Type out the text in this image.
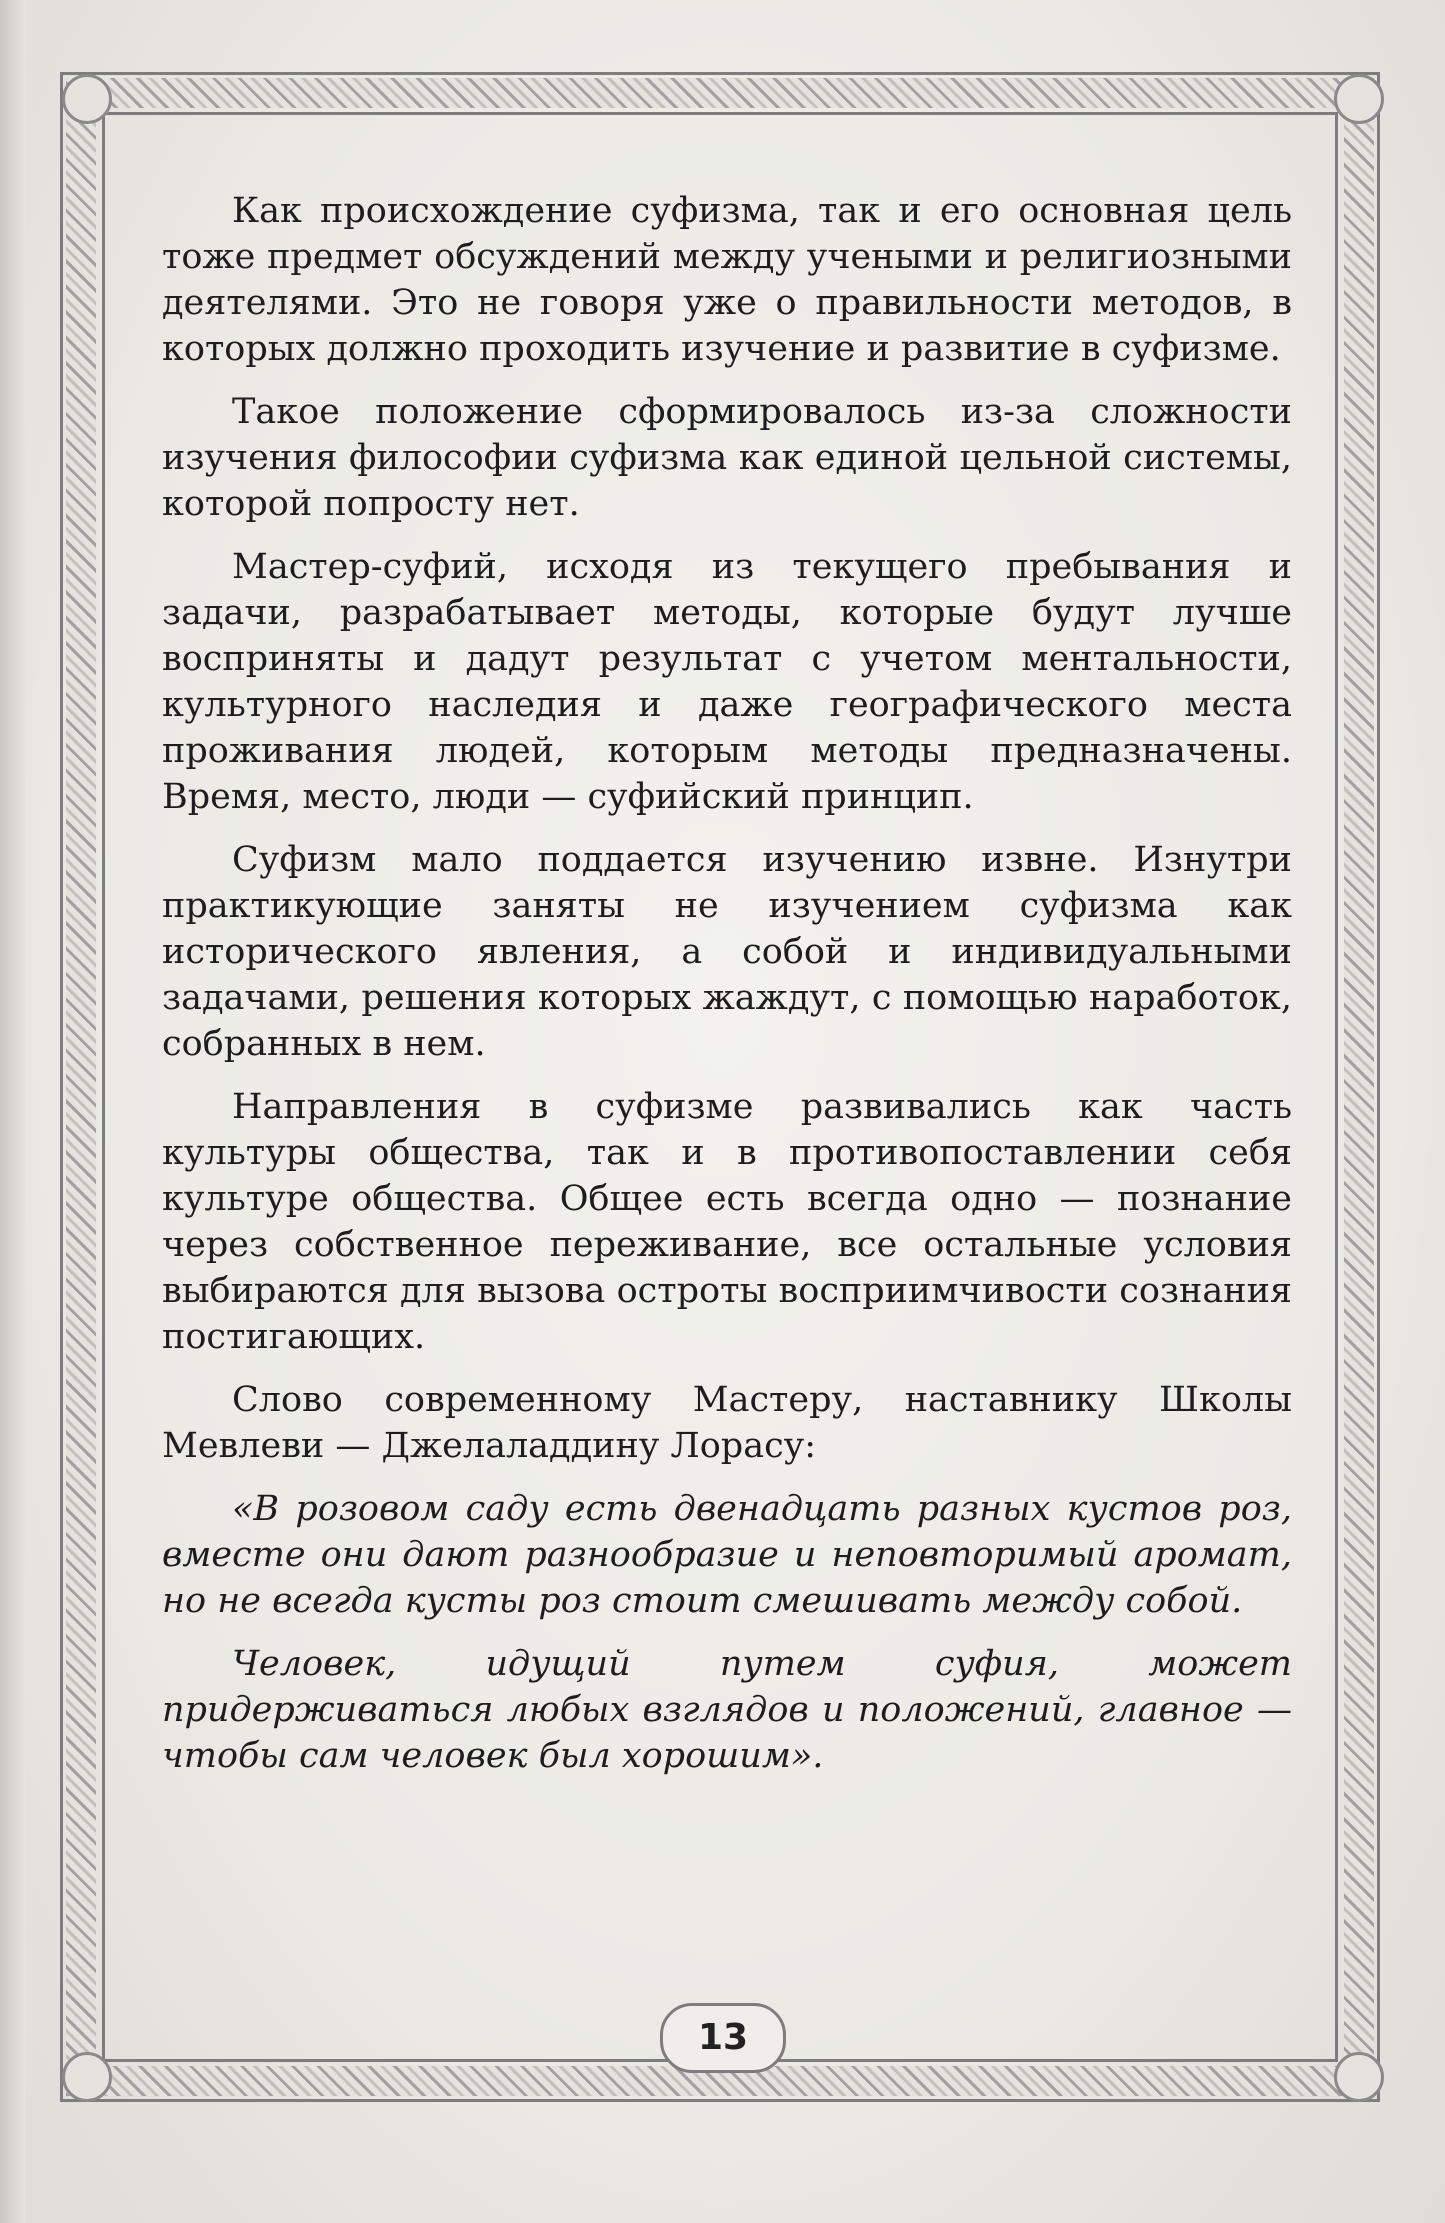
Как происхождение суфизма, так и его основная цель тоже предмет обсуждений между учеными и религиозными деятелями. Это не говоря уже о правильности методов, в которых должно проходить изучение и развитие в суфизме.

Такое положение сформировалось из-за сложности изучения философии суфизма как единой цельной системы, которой попросту нет.

Мастер-суфий, исходя из текущего пребывания и задачи, разрабатывает методы, которые будут лучше восприняты и дадут результат с учетом ментальности, культурного наследия и даже географического места проживания людей, которым методы предназначены. Время, место, люди — суфийский принцип.

Суфизм мало поддается изучению извне. Изнутри практикующие заняты не изучением суфизма как исторического явления, а собой и индивидуальными задачами, решения которых жаждут, с помощью наработок, собранных в нем.

Направления в суфизме развивались как часть культуры общества, так и в противопоставлении себя культуре общества. Общее есть всегда одно — познание через собственное переживание, все остальные условия выбираются для вызова остроты восприимчивости сознания постигающих.

Слово современному Мастеру, наставнику Школы Мевлеви — Джелаладдину Лорасу:

«В розовом саду есть двенадцать разных кустов роз, вместе они дают разнообразие и неповторимый аромат, но не всегда кусты роз стоит смешивать между собой.

Человек, идущий путем суфия, может придерживаться любых взглядов и положений, главное — чтобы сам человек был хорошим».

13
